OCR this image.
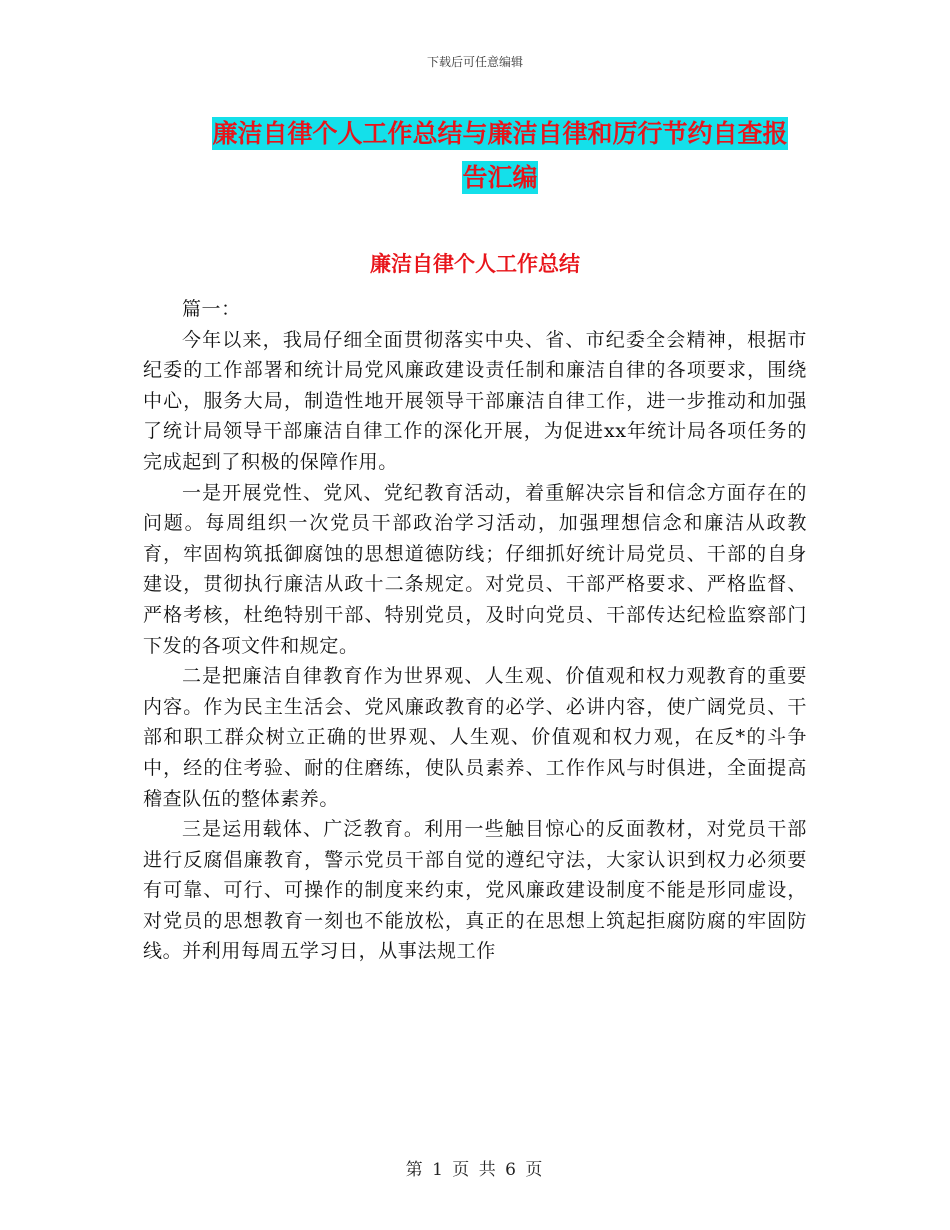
下载后可任意编辑
廉洁自律个人工作总结与廉洁自律和厉行节约自查报
告汇编
廉洁自律个人工作总结

篇一：

今年以来，我局仔细全面贯彻落实中央、省、市纪委全会精神，根据市纪委的工作部署和统计局党风廉政建设责任制和廉洁自律的各项要求，围绕中心，服务大局，制造性地开展领导干部廉洁自律工作，进一步推动和加强了统计局领导干部廉洁自律工作的深化开展，为促进xx年统计局各项任务的完成起到了积极的保障作用。

一是开展党性、党风、党纪教育活动，着重解决宗旨和信念方面存在的问题。每周组织一次党员干部政治学习活动，加强理想信念和廉洁从政教育，牢固构筑抵御腐蚀的思想道德防线；仔细抓好统计局党员、干部的自身建设，贯彻执行廉洁从政十二条规定。对党员、干部严格要求、严格监督、严格考核，杜绝特别干部、特别党员，及时向党员、干部传达纪检监察部门下发的各项文件和规定。

二是把廉洁自律教育作为世界观、人生观、价值观和权力观教育的重要内容。作为民主生活会、党风廉政教育的必学、必讲内容，使广阔党员、干部和职工群众树立正确的世界观、人生观、价值观和权力观，在反*的斗争中，经的住考验、耐的住磨练，使队员素养、工作作风与时俱进，全面提高稽查队伍的整体素养。

三是运用载体、广泛教育。利用一些触目惊心的反面教材，对党员干部进行反腐倡廉教育，警示党员干部自觉的遵纪守法，大家认识到权力必须要有可靠、可行、可操作的制度来约束，党风廉政建设制度不能是形同虚设，对党员的思想教育一刻也不能放松，真正的在思想上筑起拒腐防腐的牢固防线。并利用每周五学习日，从事法规工作

第 1 页 共 6 页
